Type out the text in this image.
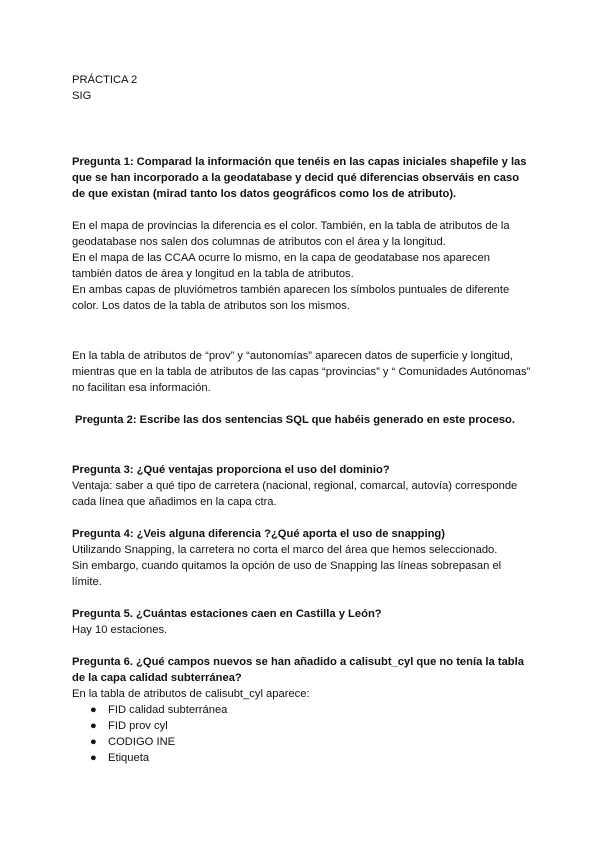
PRÁCTICA 2

SIG

Pregunta 1: Comparad la información que tenéis en las capas iniciales shapefile y las que se han incorporado a la geodatabase y decid qué diferencias observáis en caso de que existan (mirad tanto los datos geográficos como los de atributo).

En el mapa de provincias la diferencia es el color. También, en la tabla de atributos de la geodatabase nos salen dos columnas de atributos con el área y la longitud.

En el mapa de las CCAA ocurre lo mismo, en la capa de geodatabase nos aparecen también datos de área y longitud en la tabla de atributos.

En ambas capas de pluviómetros también aparecen los símbolos puntuales de diferente color. Los datos de la tabla de atributos son los mismos.

En la tabla de atributos de “prov” y “autonomías” aparecen datos de superficie y longitud, mientras que en la tabla de atributos de las capas “provincias” y “ Comunidades Autónomas” no facilitan esa información.

Pregunta 2: Escribe las dos sentencias SQL que habéis generado en este proceso.

Pregunta 3: ¿Qué ventajas proporciona el uso del dominio?

Ventaja: saber a qué tipo de carretera (nacional, regional, comarcal, autovía) corresponde cada línea que añadimos en la capa ctra.

Pregunta 4: ¿Veis alguna diferencia ?¿Qué aporta el uso de snapping)

Utilizando Snapping, la carretera no corta el marco del área que hemos seleccionado.

Sin embargo, cuando quitamos la opción de uso de Snapping las líneas sobrepasan el límite.

Pregunta 5. ¿Cuántas estaciones caen en Castilla y León?

Hay 10 estaciones.

Pregunta 6. ¿Qué campos nuevos se han añadido a calisubt_cyl que no tenía la tabla de la capa calidad subterránea?

En la tabla de atributos de calisubt_cyl aparece:

● FID calidad subterránea
● FID prov cyl
● CODIGO INE
● Etiqueta
